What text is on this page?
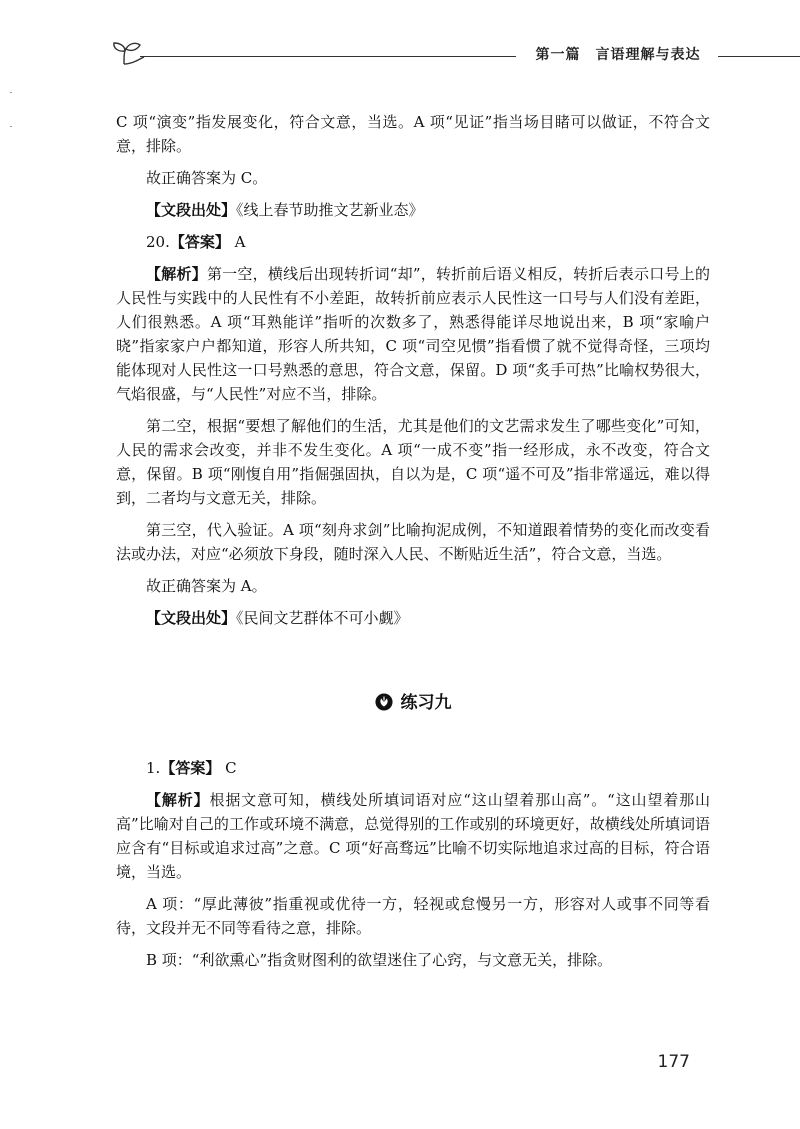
第一篇　言语理解与表达

C 项“演变”指发展变化，符合文意，当选。A 项“见证”指当场目睹可以做证，不符合文意，排除。

故正确答案为 C。

【 文段出处 】 《线上春节助推文艺新业态》

20. 【 答案 】 A

【 解析 】 第一空，横线后出现转折词“却”，转折前后语义相反，转折后表示口号上的人民性与实践中的人民性有不小差距，故转折前应表示人民性这一口号与人们没有差距，人们很熟悉。A 项“耳熟能详”指听的次数多了，熟悉得能详尽地说出来，B 项“家喻户晓”指家家户户都知道，形容人所共知，C 项“司空见惯”指看惯了就不觉得奇怪，三项均能体现对人民性这一口号熟悉的意思，符合文意，保留。D 项“炙手可热”比喻权势很大，气焰很盛，与“人民性”对应不当，排除。

第二空，根据“要想了解他们的生活，尤其是他们的文艺需求发生了哪些变化”可知，人民的需求会改变，并非不发生变化。A 项“一成不变”指一经形成，永不改变，符合文意，保留。B 项“刚愎自用”指倔强固执，自以为是，C 项“遥不可及”指非常遥远，难以得到，二者均与文意无关，排除。

第三空，代入验证。A 项“刻舟求剑”比喻拘泥成例，不知道跟着情势的变化而改变看法或办法，对应“必须放下身段，随时深入人民、不断贴近生活”，符合文意，当选。

故正确答案为 A。

【 文段出处 】 《民间文艺群体不可小觑》

练习九

1. 【 答案 】 C

【 解析 】 根据文意可知，横线处所填词语对应“这山望着那山高”。“这山望着那山高”比喻对自己的工作或环境不满意，总觉得别的工作或别的环境更好，故横线处所填词语应含有“目标或追求过高”之意。C 项“好高骛远”比喻不切实际地追求过高的目标，符合语境，当选。

A 项：“厚此薄彼”指重视或优待一方，轻视或怠慢另一方，形容对人或事不同等看待，文段并无不同等看待之意，排除。

B 项：“利欲熏心”指贪财图利的欲望迷住了心窍，与文意无关，排除。

177
